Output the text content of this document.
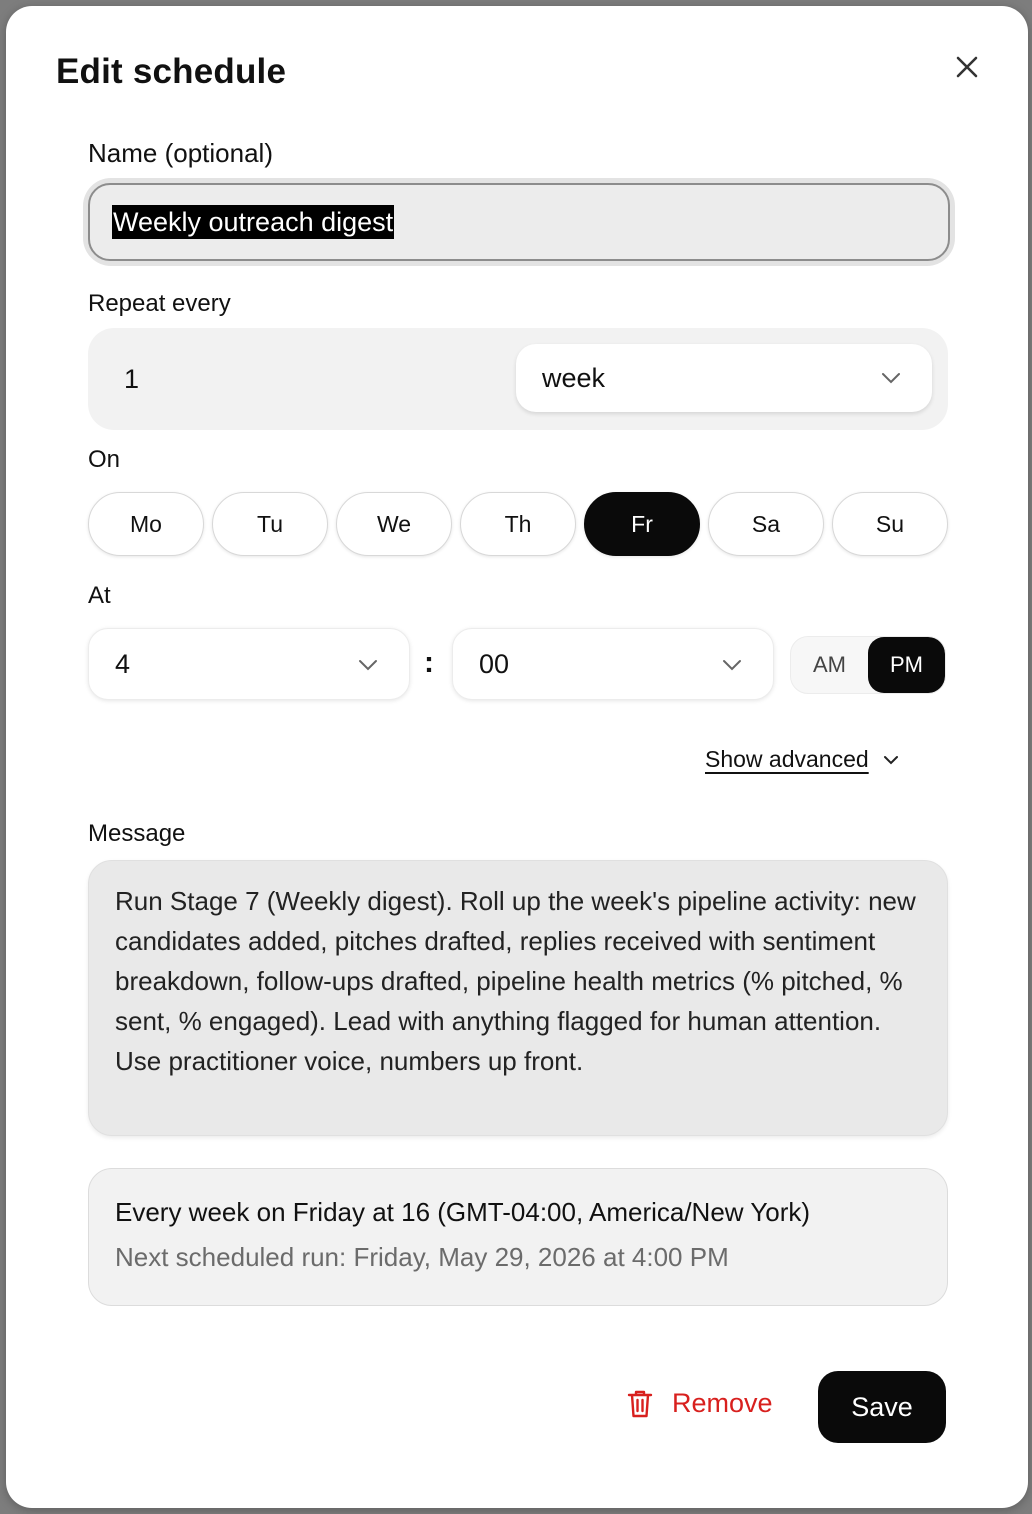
Edit schedule
Name (optional)
Weekly outreach digest
Repeat every
1	week
On
Mo	Tu	We	Th	Fr	Sa	Su
At
4	: 00	AM	PM
Show advanced
Message
Run Stage 7 (Weekly digest). Roll up the week's pipeline activity: new candidates added, pitches drafted, replies received with sentiment breakdown, follow-ups drafted, pipeline health metrics (% pitched, % sent, % engaged). Lead with anything flagged for human attention. Use practitioner voice, numbers up front.
Every week on Friday at 16 (GMT-04:00, America/New York)
Next scheduled run: Friday, May 29, 2026 at 4:00 PM
Remove	Save
